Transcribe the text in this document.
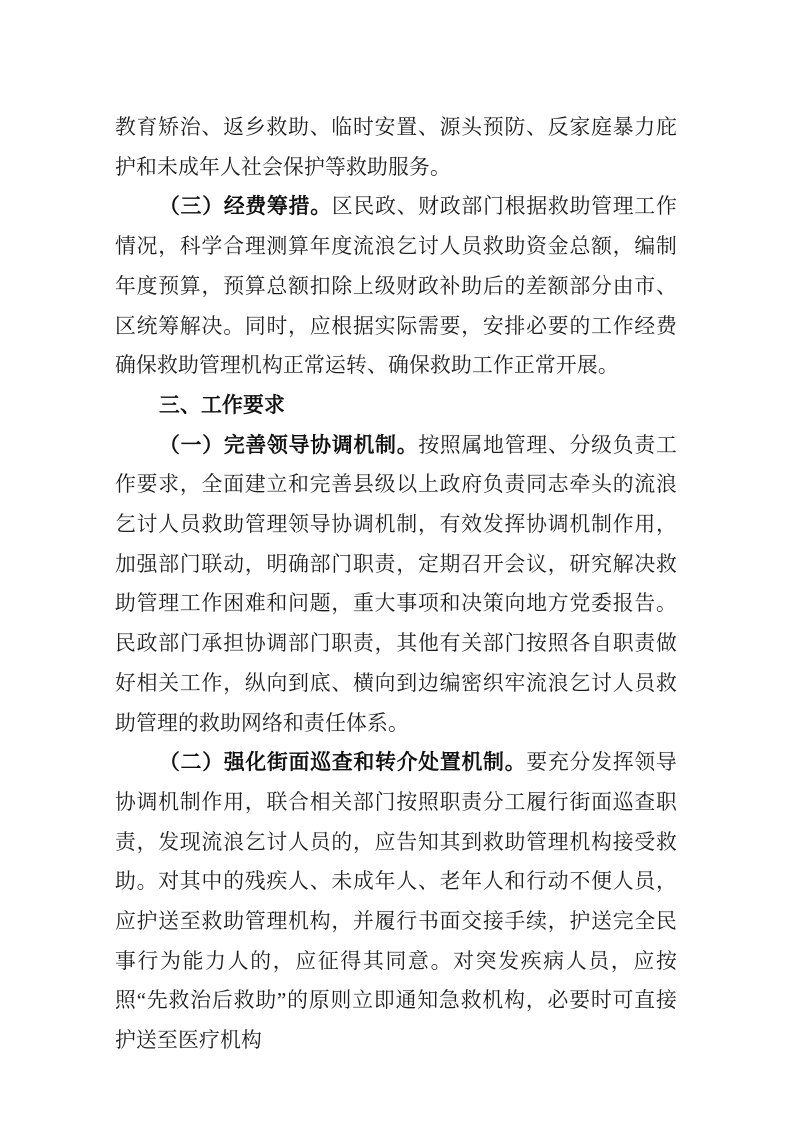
教育矫治、返乡救助、临时安置、源头预防、反家庭暴力庇护和未成年人社会保护等救助服务。

（三）经费筹措。区民政、财政部门根据救助管理工作情况，科学合理测算年度流浪乞讨人员救助资金总额，编制年度预算，预算总额扣除上级财政补助后的差额部分由市、区统筹解决。同时，应根据实际需要，安排必要的工作经费确保救助管理机构正常运转、确保救助工作正常开展。

三、工作要求

（一）完善领导协调机制。按照属地管理、分级负责工作要求，全面建立和完善县级以上政府负责同志牵头的流浪乞讨人员救助管理领导协调机制，有效发挥协调机制作用，加强部门联动，明确部门职责，定期召开会议，研究解决救助管理工作困难和问题，重大事项和决策向地方党委报告。民政部门承担协调部门职责，其他有关部门按照各自职责做好相关工作，纵向到底、横向到边编密织牢流浪乞讨人员救助管理的救助网络和责任体系。

（二）强化街面巡查和转介处置机制。要充分发挥领导协调机制作用，联合相关部门按照职责分工履行街面巡查职责，发现流浪乞讨人员的，应告知其到救助管理机构接受救助。对其中的残疾人、未成年人、老年人和行动不便人员，应护送至救助管理机构，并履行书面交接手续，护送完全民事行为能力人的，应征得其同意。对突发疾病人员，应按照“先救治后救助”的原则立即通知急救机构，必要时可直接护送至医疗机构
